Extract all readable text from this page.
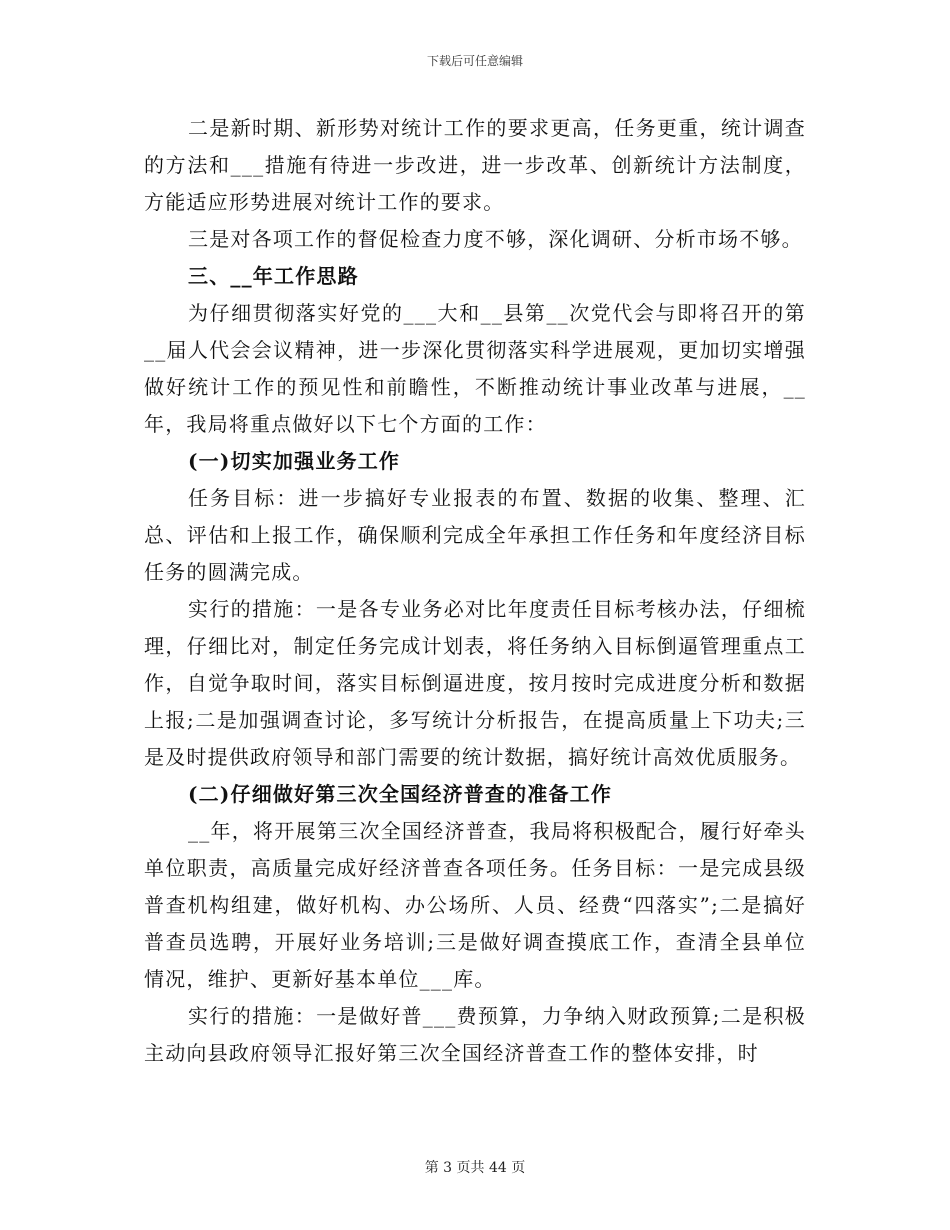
下载后可任意编辑

二是新时期、新形势对统计工作的要求更高，任务更重，统计调查的方法和___措施有待进一步改进，进一步改革、创新统计方法制度，方能适应形势进展对统计工作的要求。

三是对各项工作的督促检查力度不够，深化调研、分析市场不够。

三、__年工作思路

为仔细贯彻落实好党的___大和__县第__次党代会与即将召开的第__届人代会会议精神，进一步深化贯彻落实科学进展观，更加切实增强做好统计工作的预见性和前瞻性，不断推动统计事业改革与进展，__年，我局将重点做好以下七个方面的工作：

(一)切实加强业务工作

任务目标：进一步搞好专业报表的布置、数据的收集、整理、汇总、评估和上报工作，确保顺利完成全年承担工作任务和年度经济目标任务的圆满完成。

实行的措施：一是各专业务必对比年度责任目标考核办法，仔细梳理，仔细比对，制定任务完成计划表，将任务纳入目标倒逼管理重点工作，自觉争取时间，落实目标倒逼进度，按月按时完成进度分析和数据上报;二是加强调查讨论，多写统计分析报告，在提高质量上下功夫;三是及时提供政府领导和部门需要的统计数据，搞好统计高效优质服务。

(二)仔细做好第三次全国经济普查的准备工作

__年，将开展第三次全国经济普查，我局将积极配合，履行好牵头单位职责，高质量完成好经济普查各项任务。任务目标：一是完成县级普查机构组建，做好机构、办公场所、人员、经费“四落实”;二是搞好普查员选聘，开展好业务培训;三是做好调查摸底工作，查清全县单位情况，维护、更新好基本单位___库。

实行的措施：一是做好普___费预算，力争纳入财政预算;二是积极主动向县政府领导汇报好第三次全国经济普查工作的整体安排，时

第 3 页共 44 页
